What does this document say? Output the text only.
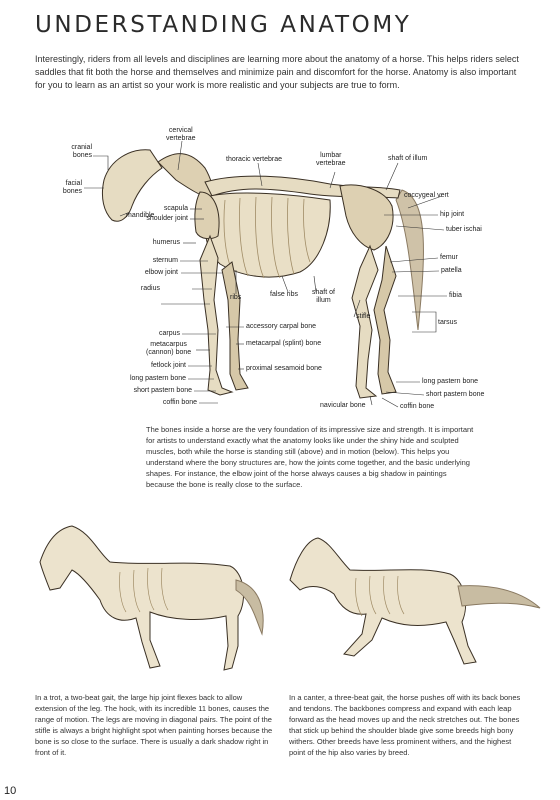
UNDERSTANDING ANATOMY

Interestingly, riders from all levels and disciplines are learning more about the anatomy of a horse. This helps riders select saddles that fit both the horse and themselves and minimize pain and discomfort for the horse. Anatomy is also important for you to learn as an artist so your work is more realistic and your subjects are true to form.

cervical
vertebrae
cranial
bones
facial
bones
mandible
scapula
shoulder joint
humerus
sternum
elbow joint
radius
carpus
metacarpus
(cannon) bone
fetlock joint
long pastern bone
short pastern bone
coffin bone
thoracic vertebrae
lumbar
vertebrae
shaft of illum
coccygeal vert
hip joint
tuber ischai
femur
patella
fibia
tarsus
ribs	false ribs shaft of
illum
stifle
accessory carpal bone
metacarpal (splint) bone
proximal sesamoid bone
long pastern bone
short pastern bone
navicular bone	coffin bone

The bones inside a horse are the very foundation of its impressive size and strength. It is important for artists to understand exactly what the anatomy looks like under the shiny hide and sculpted muscles, both while the horse is standing still (above) and in motion (below). This helps you understand where the bony structures are, how the joints come together, and the basic underlying shapes. For instance, the elbow joint of the horse always causes a big shadow in paintings because the bone is really close to the surface.

In a trot, a two-beat gait, the large hip joint flexes back to allow extension of the leg. The hock, with its incredible 11 bones, causes the range of motion. The legs are moving in diagonal pairs. The point of the stifle is always a bright highlight spot when painting horses because the bone is so close to the surface. There is usually a dark shadow right in front of it.

In a canter, a three-beat gait, the horse pushes off with its back bones and tendons. The backbones compress and expand with each leap forward as the head moves up and the neck stretches out. The bones that stick up behind the shoulder blade give some breeds high bony withers. Other breeds have less prominent withers, and the highest point of the hip also varies by breed.

10
